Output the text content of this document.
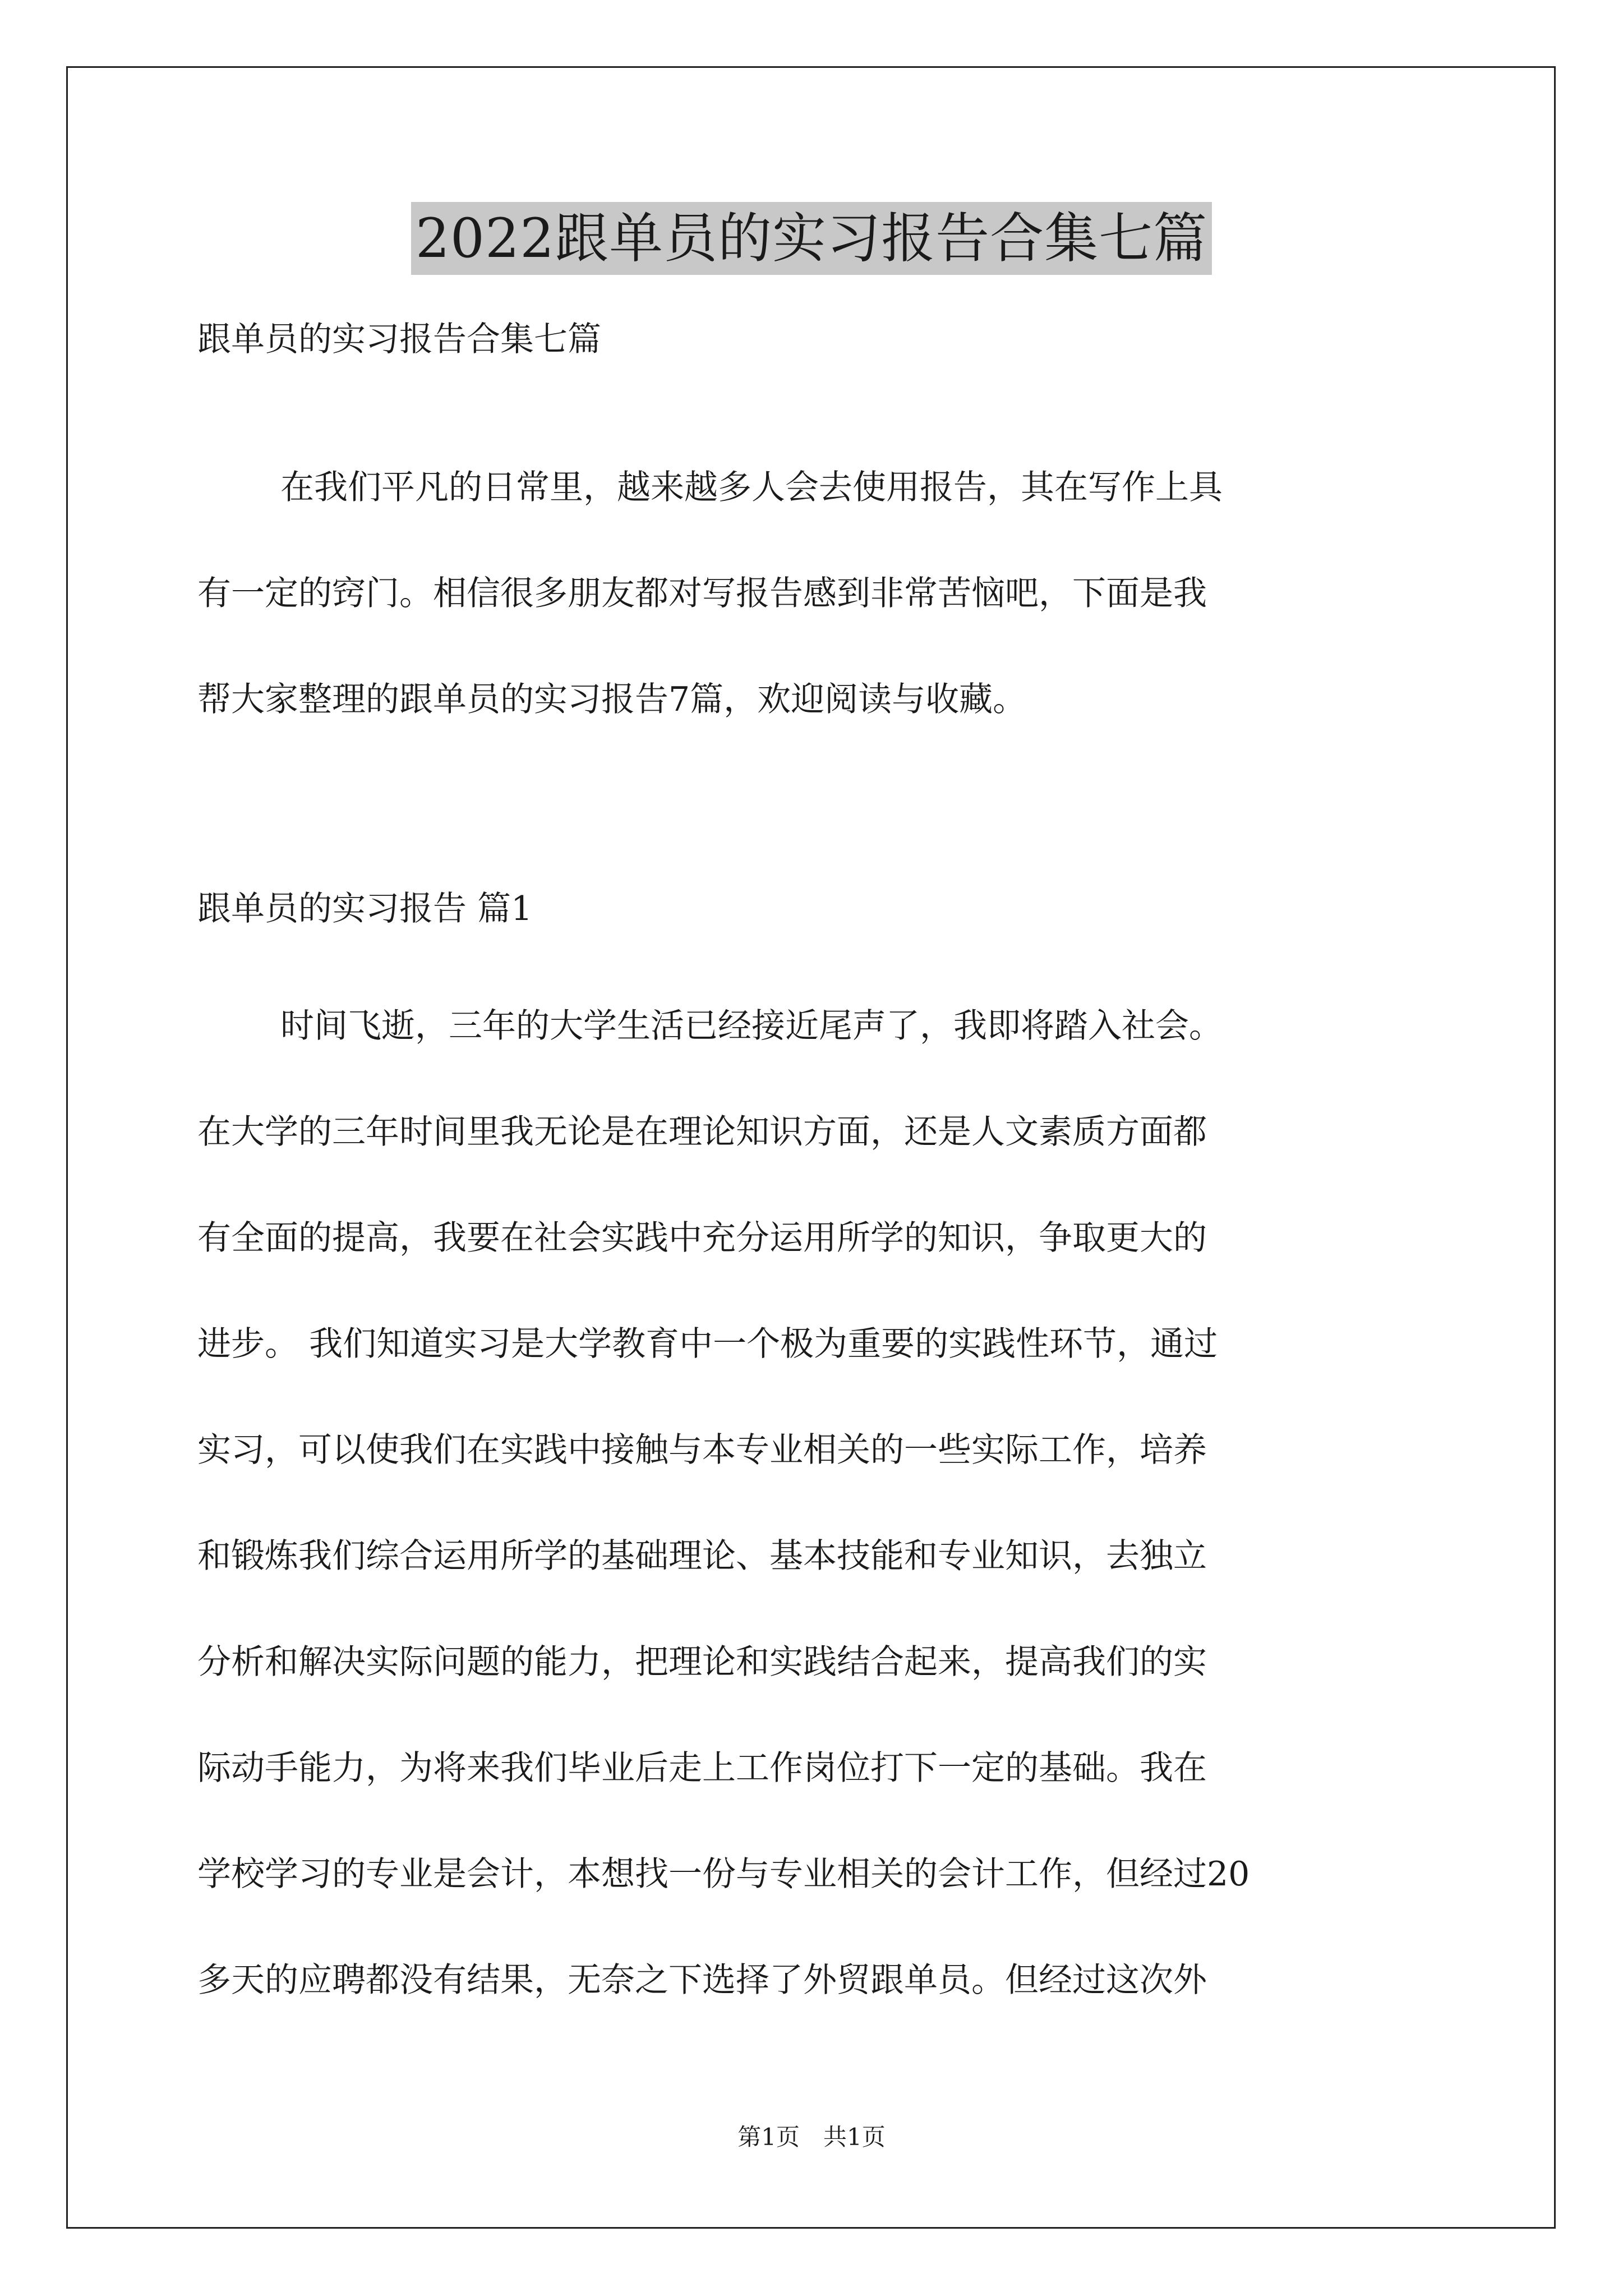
2022跟单员的实习报告合集七篇
跟单员的实习报告合集七篇
在我们平凡的日常里，越来越多人会去使用报告，其在写作上具
有一定的窍门。相信很多朋友都对写报告感到非常苦恼吧，下面是我
帮大家整理的跟单员的实习报告7篇，欢迎阅读与收藏。
跟单员的实习报告 篇1
时间飞逝，三年的大学生活已经接近尾声了，我即将踏入社会。
在大学的三年时间里我无论是在理论知识方面，还是人文素质方面都
有全面的提高，我要在社会实践中充分运用所学的知识，争取更大的
进步。 我们知道实习是大学教育中一个极为重要的实践性环节，通过
实习，可以使我们在实践中接触与本专业相关的一些实际工作，培养
和锻炼我们综合运用所学的基础理论、基本技能和专业知识，去独立
分析和解决实际问题的能力，把理论和实践结合起来，提高我们的实
际动手能力，为将来我们毕业后走上工作岗位打下一定的基础。我在
学校学习的专业是会计，本想找一份与专业相关的会计工作，但经过20
多天的应聘都没有结果，无奈之下选择了外贸跟单员。但经过这次外
第1页　共1页
